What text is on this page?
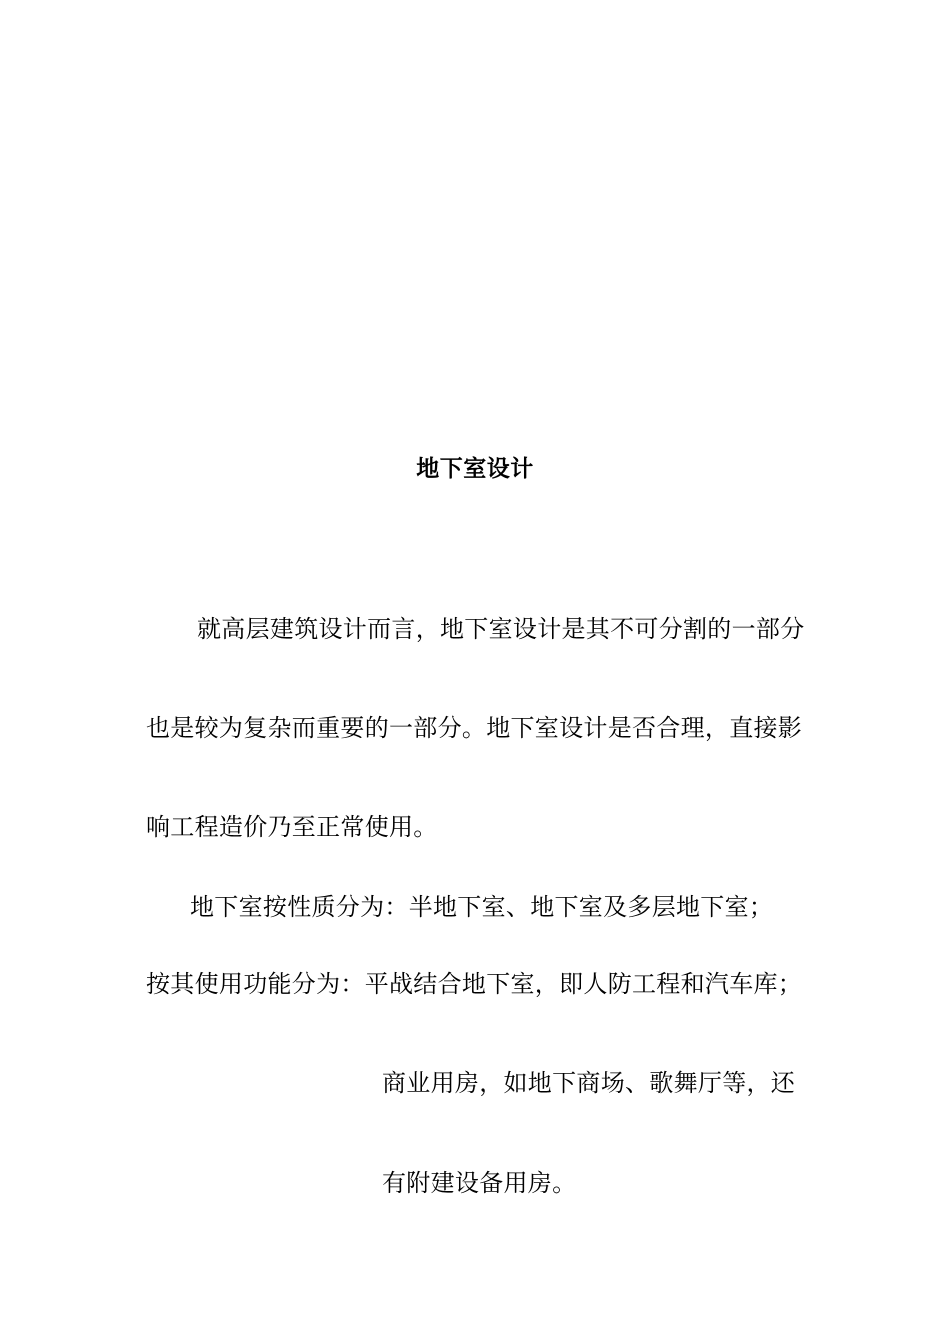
地下室设计

就高层建筑设计而言，地下室设计是其不可分割的一部分

也是较为复杂而重要的一部分。地下室设计是否合理，直接影

响工程造价乃至正常使用。

地下室按性质分为：半地下室、地下室及多层地下室；

按其使用功能分为：平战结合地下室，即人防工程和汽车库；

商业用房，如地下商场、歌舞厅等，还

有附建设备用房。
